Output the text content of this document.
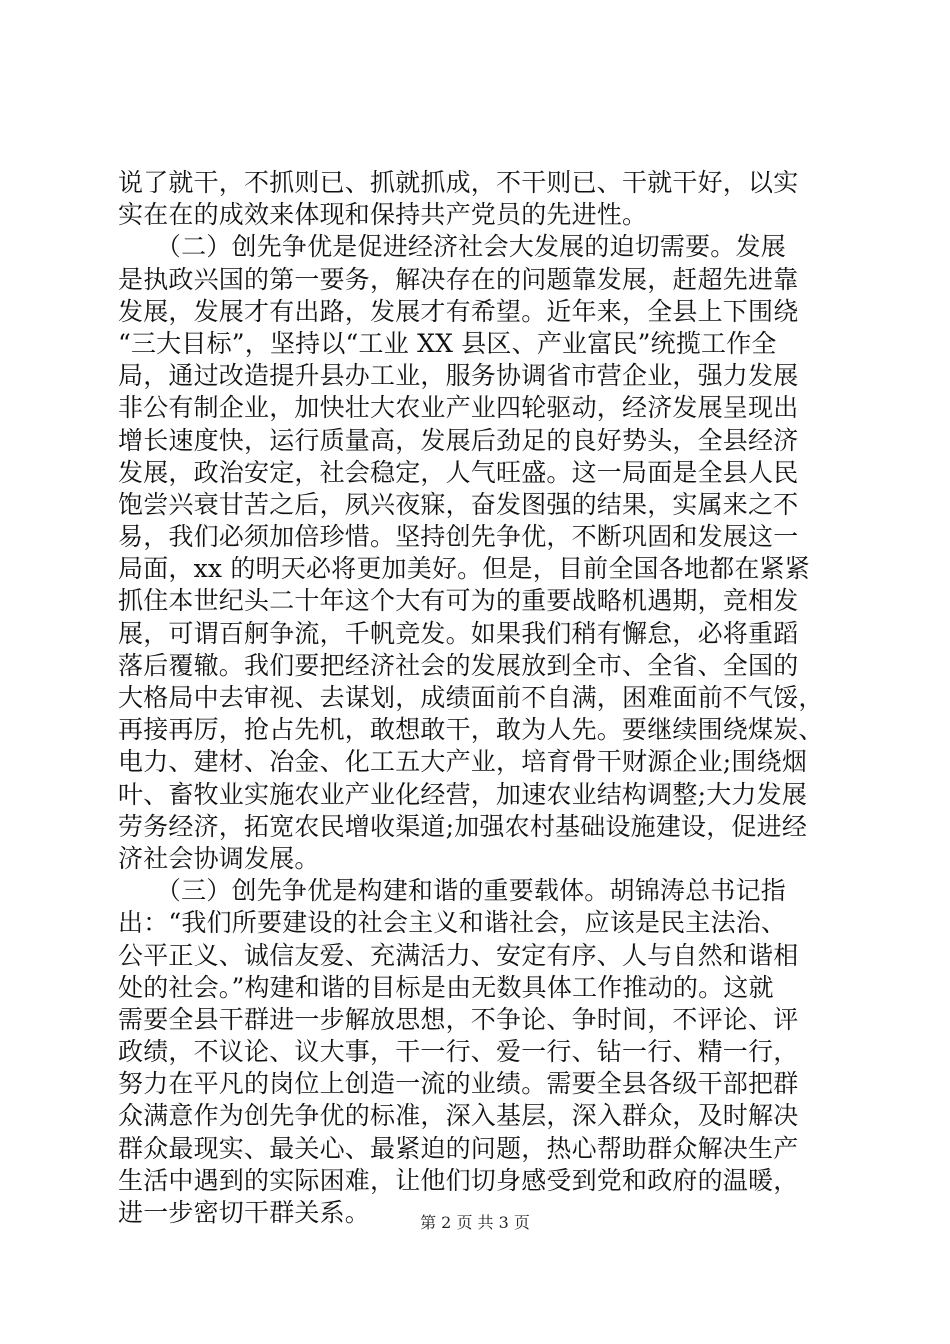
说了就干，不抓则已、抓就抓成，不干则已、干就干好，以实
实在在的成效来体现和保持共产党员的先进性。
　　（二）创先争优是促进经济社会大发展的迫切需要。发展
是执政兴国的第一要务，解决存在的问题靠发展，赶超先进靠
发展，发展才有出路，发展才有希望。近年来，全县上下围绕
“三大目标”，坚持以“工业 XX 县区、产业富民”统揽工作全
局，通过改造提升县办工业，服务协调省市营企业，强力发展
非公有制企业，加快壮大农业产业四轮驱动，经济发展呈现出
增长速度快，运行质量高，发展后劲足的良好势头，全县经济
发展，政治安定，社会稳定，人气旺盛。这一局面是全县人民
饱尝兴衰甘苦之后，夙兴夜寐，奋发图强的结果，实属来之不
易，我们必须加倍珍惜。坚持创先争优，不断巩固和发展这一
局面，xx 的明天必将更加美好。但是，目前全国各地都在紧紧
抓住本世纪头二十年这个大有可为的重要战略机遇期，竞相发
展，可谓百舸争流，千帆竞发。如果我们稍有懈怠，必将重蹈
落后覆辙。我们要把经济社会的发展放到全市、全省、全国的
大格局中去审视、去谋划，成绩面前不自满，困难面前不气馁，
再接再厉，抢占先机，敢想敢干，敢为人先。要继续围绕煤炭、
电力、建材、冶金、化工五大产业，培育骨干财源企业;围绕烟
叶、畜牧业实施农业产业化经营，加速农业结构调整;大力发展
劳务经济，拓宽农民增收渠道;加强农村基础设施建设，促进经
济社会协调发展。
　　（三）创先争优是构建和谐的重要载体。胡锦涛总书记指
出：“我们所要建设的社会主义和谐社会，应该是民主法治、
公平正义、诚信友爱、充满活力、安定有序、人与自然和谐相
处的社会。”构建和谐的目标是由无数具体工作推动的。这就
需要全县干群进一步解放思想，不争论、争时间，不评论、评
政绩，不议论、议大事，干一行、爱一行、钻一行、精一行，
努力在平凡的岗位上创造一流的业绩。需要全县各级干部把群
众满意作为创先争优的标准，深入基层，深入群众，及时解决
群众最现实、最关心、最紧迫的问题，热心帮助群众解决生产
生活中遇到的实际困难，让他们切身感受到党和政府的温暖，
进一步密切干群关系。	第 2 页 共 3 页
